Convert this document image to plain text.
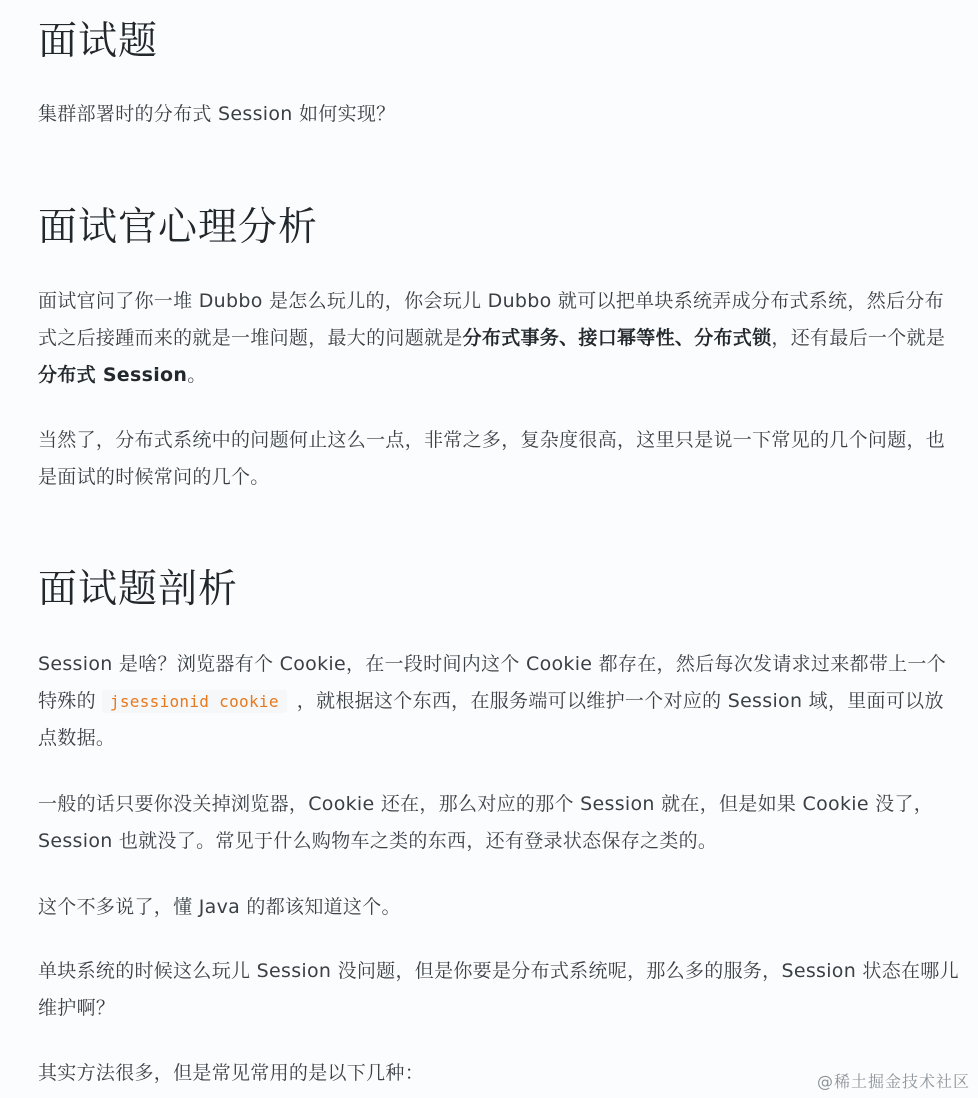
面试题

集群部署时的分布式 Session 如何实现？

面试官心理分析

面试官问了你一堆 Dubbo 是怎么玩儿的，你会玩儿 Dubbo 就可以把单块系统弄成分布式系统，然后分布式之后接踵而来的就是一堆问题，最大的问题就是分布式事务、接口幂等性、分布式锁，还有最后一个就是分布式 Session。

当然了，分布式系统中的问题何止这么一点，非常之多，复杂度很高，这里只是说一下常见的几个问题，也是面试的时候常问的几个。

面试题剖析

Session 是啥？浏览器有个 Cookie，在一段时间内这个 Cookie 都存在，然后每次发请求过来都带上一个特殊的 jsessionid cookie ，就根据这个东西，在服务端可以维护一个对应的 Session 域，里面可以放点数据。

一般的话只要你没关掉浏览器，Cookie 还在，那么对应的那个 Session 就在，但是如果 Cookie 没了，Session 也就没了。常见于什么购物车之类的东西，还有登录状态保存之类的。

这个不多说了，懂 Java 的都该知道这个。

单块系统的时候这么玩儿 Session 没问题，但是你要是分布式系统呢，那么多的服务，Session 状态在哪儿维护啊？

其实方法很多，但是常见常用的是以下几种：	@稀土掘金技术社区
